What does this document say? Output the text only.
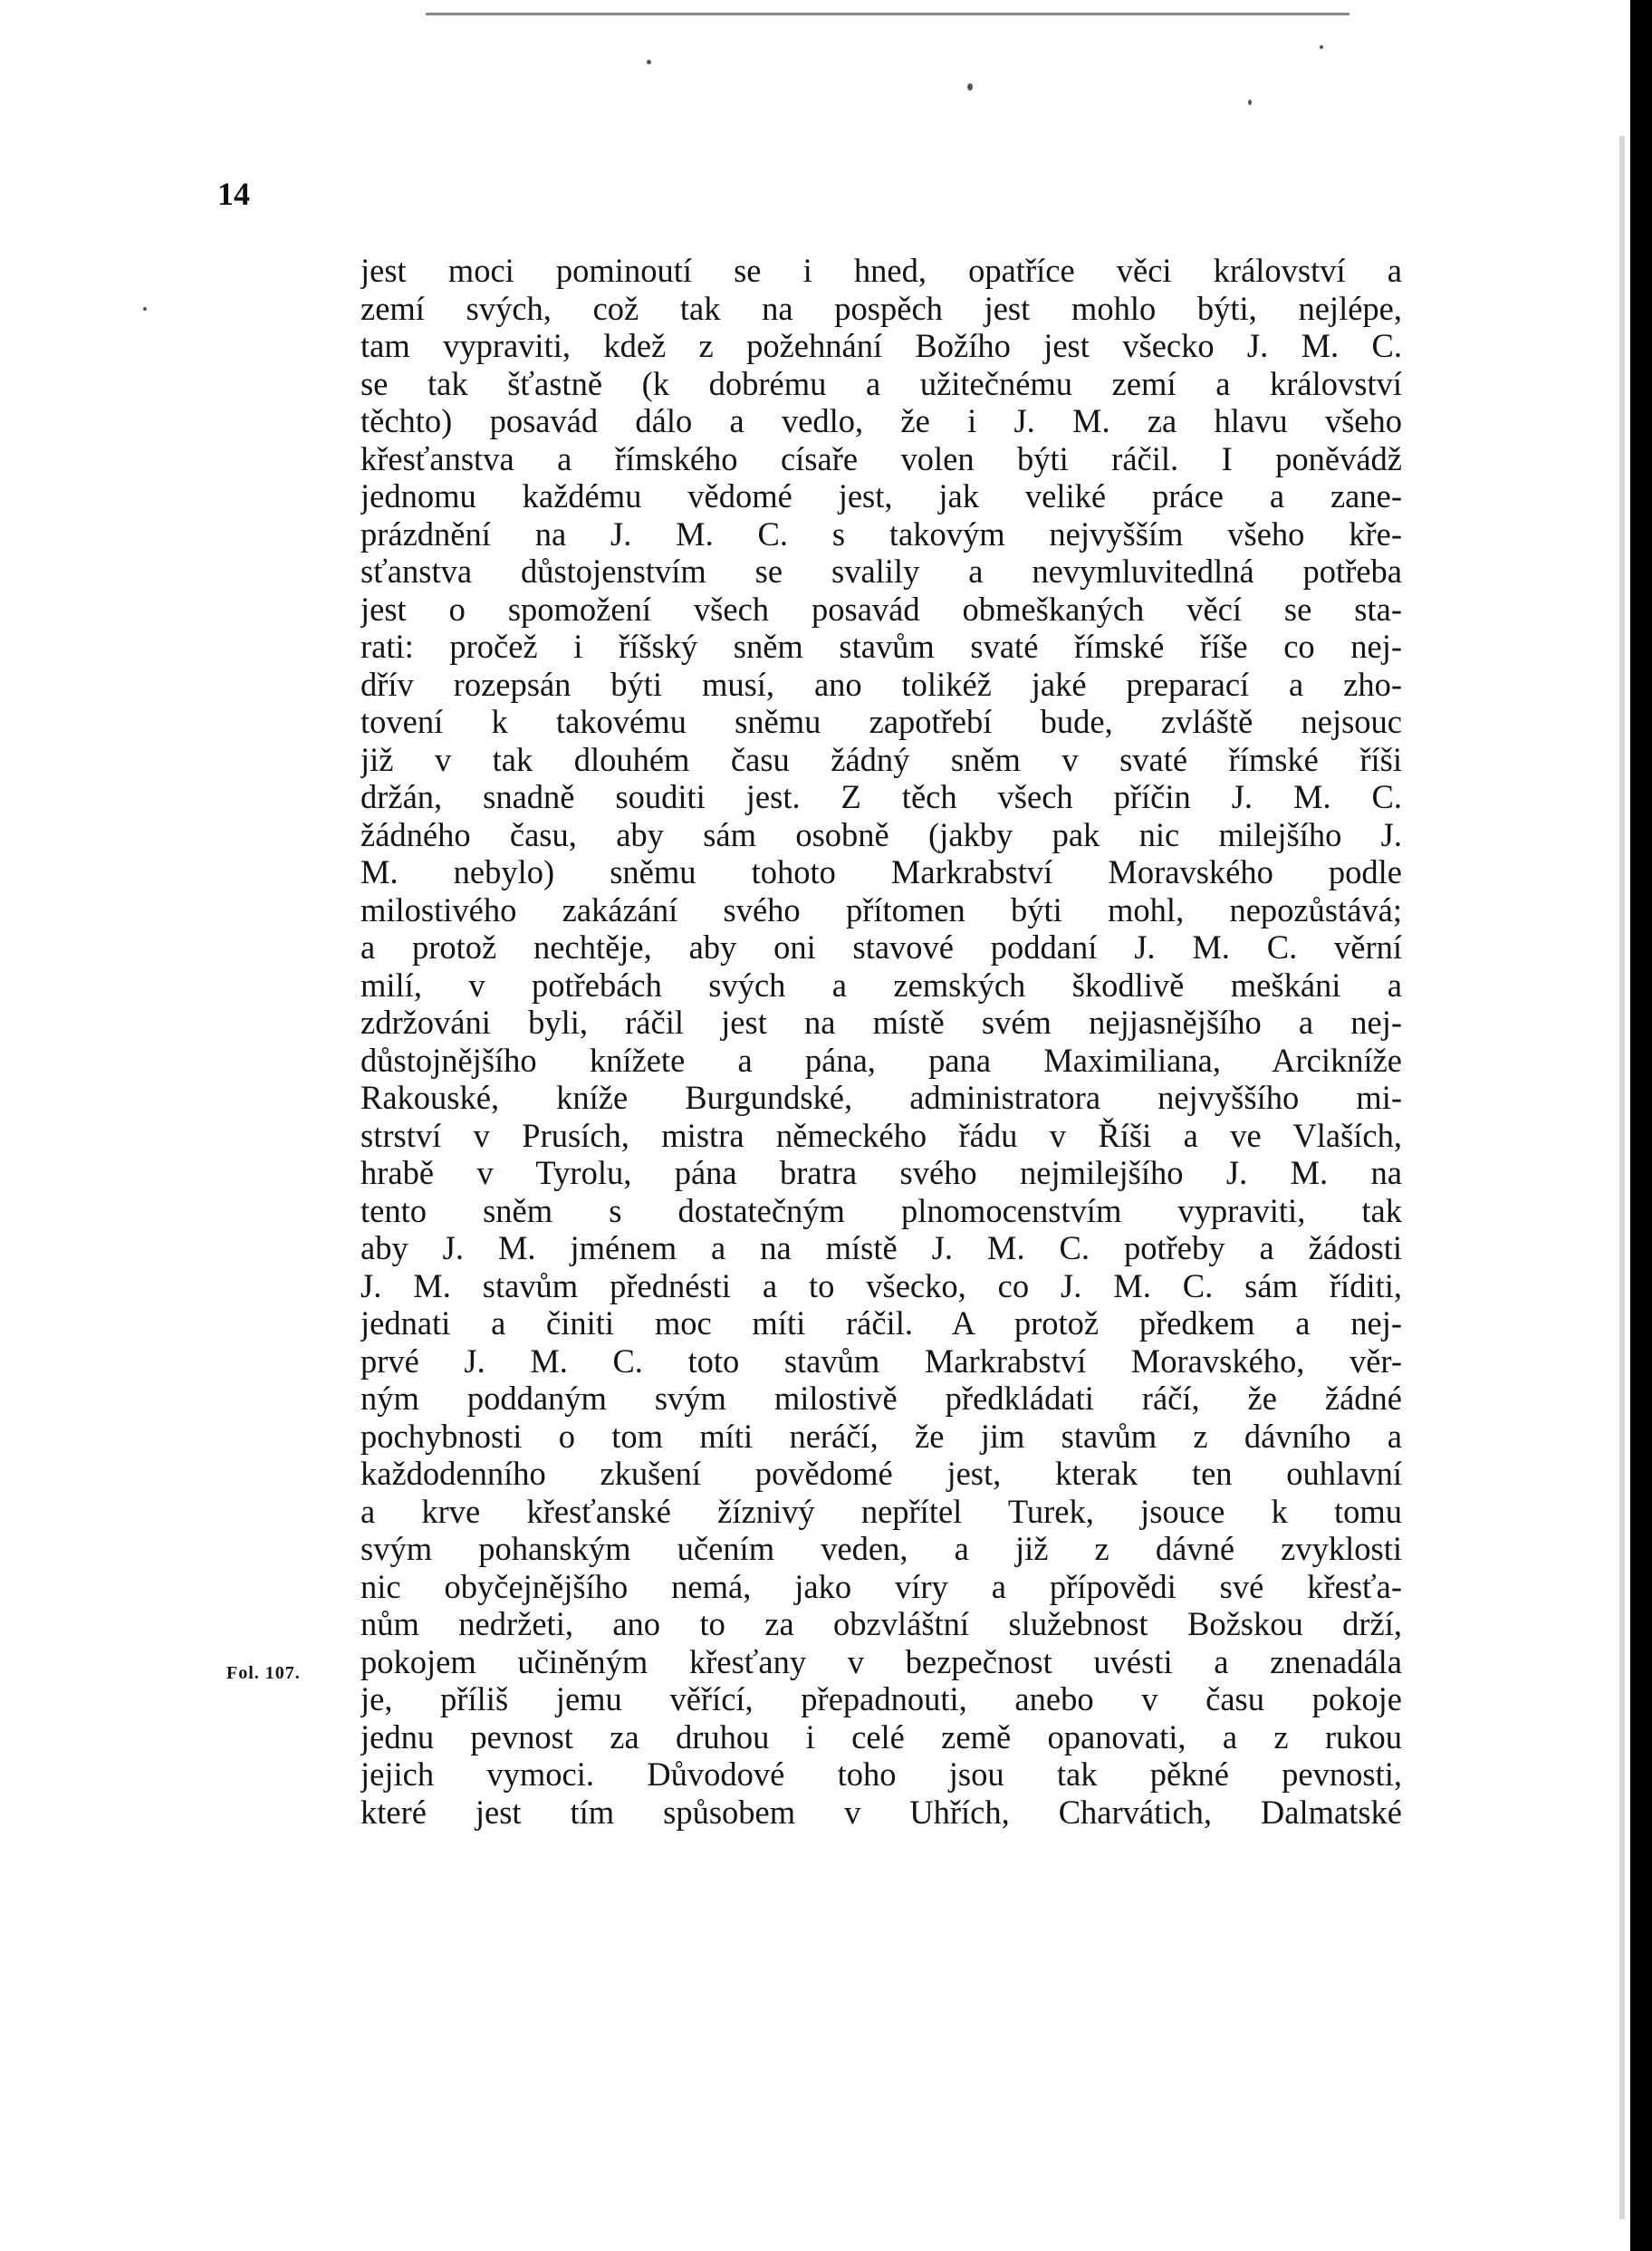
14
Fol. 107.
jest moci pominoutí se i hned, opatříce věci království a
zemí svých, což tak na pospěch jest mohlo býti, nejlépe,
tam vypraviti, kdež z požehnání Božího jest všecko J. M. C.
se tak šťastně (k dobrému a užitečnému zemí a království
těchto) posavád dálo a vedlo, že i J. M. za hlavu všeho
křesťanstva a římského císaře volen býti ráčil. I poněvádž
jednomu každému vědomé jest, jak veliké práce a zane-
prázdnění na J. M. C. s takovým nejvyšším všeho kře-
sťanstva důstojenstvím se svalily a nevymluvitedlná potřeba
jest o spomožení všech posavád obmeškaných věcí se sta-
rati: pročež i říšský sněm stavům svaté římské říše co nej-
dřív rozepsán býti musí, ano tolikéž jaké preparací a zho-
tovení k takovému sněmu zapotřebí bude, zvláště nejsouc
již v tak dlouhém času žádný sněm v svaté římské říši
držán, snadně souditi jest. Z těch všech příčin J. M. C.
žádného času, aby sám osobně (jakby pak nic milejšího J.
M. nebylo) sněmu tohoto Markrabství Moravského podle
milostivého zakázání svého přítomen býti mohl, nepozůstává;
a protož nechtěje, aby oni stavové poddaní J. M. C. věrní
milí, v potřebách svých a zemských škodlivě meškáni a
zdržováni byli, ráčil jest na místě svém nejjasnějšího a nej-
důstojnějšího knížete a pána, pana Maximiliana, Arcikníže
Rakouské, kníže Burgundské, administratora nejvyššího mi-
strství v Prusích, mistra německého řádu v Říši a ve Vlaších,
hrabě v Tyrolu, pána bratra svého nejmilejšího J. M. na
tento sněm s dostatečným plnomocenstvím vypraviti, tak
aby J. M. jménem a na místě J. M. C. potřeby a žádosti
J. M. stavům přednésti a to všecko, co J. M. C. sám říditi,
jednati a činiti moc míti ráčil. A protož předkem a nej-
prvé J. M. C. toto stavům Markrabství Moravského, věr-
ným poddaným svým milostivě předkládati ráčí, že žádné
pochybnosti o tom míti neráčí, že jim stavům z dávního a
každodenního zkušení povědomé jest, kterak ten ouhlavní
a krve křesťanské žíznivý nepřítel Turek, jsouce k tomu
svým pohanským učením veden, a již z dávné zvyklosti
nic obyčejnějšího nemá, jako víry a přípovědi své křesťa-
nům nedržeti, ano to za obzvláštní služebnost Božskou drží,
pokojem učiněným křesťany v bezpečnost uvésti a znenadála
je, příliš jemu věřící, přepadnouti, anebo v času pokoje
jednu pevnost za druhou i celé země opanovati, a z rukou
jejich vymoci. Důvodové toho jsou tak pěkné pevnosti,
které jest tím spůsobem v Uhřích, Charvátich, Dalmatské
